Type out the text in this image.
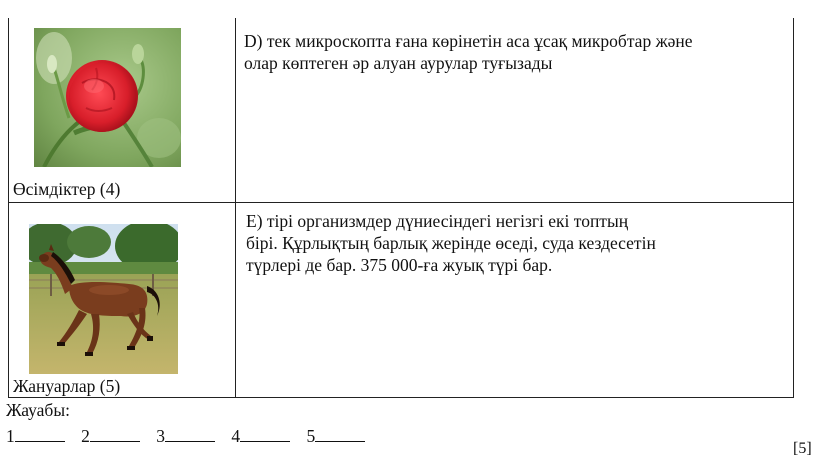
Өсімдіктер (4)
D) тек микроскопта ғана көрінетін аса ұсақ микробтар және
олар көптеген әр алуан аурулар туғызады
Жануарлар (5)
E) тірі организмдер дүниесіндегі негізгі екі топтың
бірі. Құрлықтың барлық жерінде өседі, суда кездесетін
түрлері де бар. 375 000-ға жуық түрі бар.
Жауабы:
1	2	3	4	5
[5]
